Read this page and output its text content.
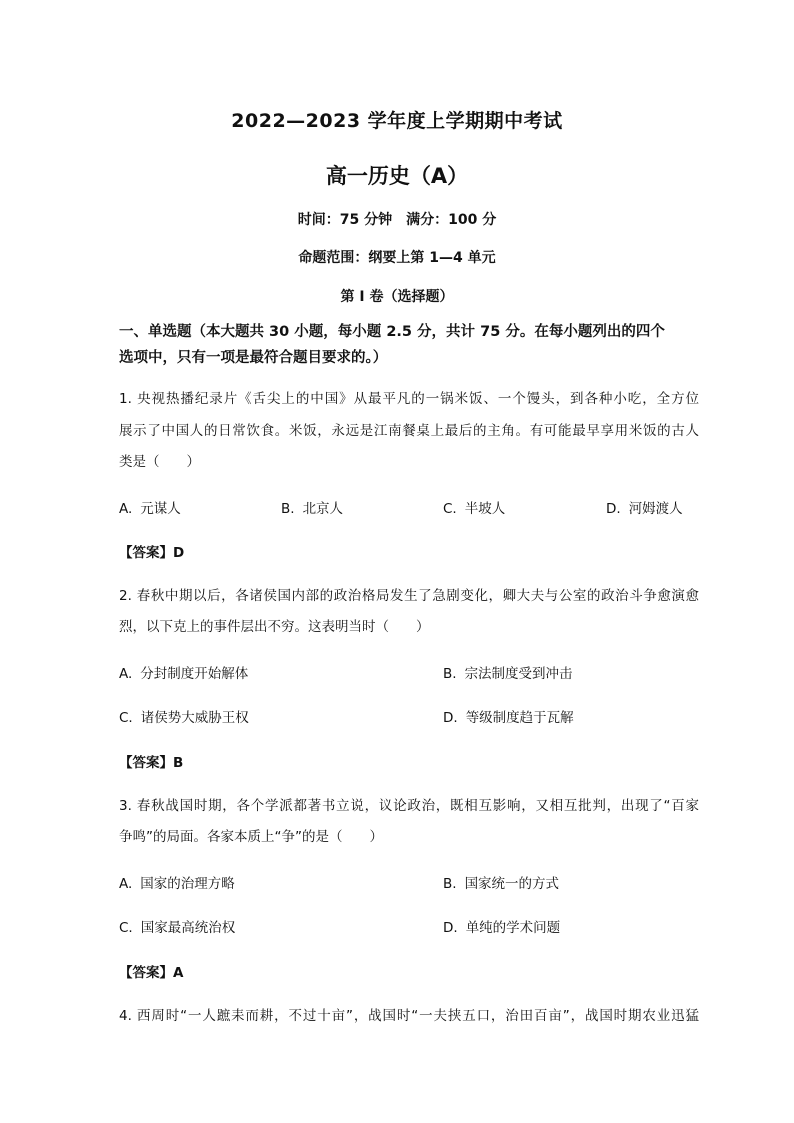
2022—2023 学年度上学期期中考试
高一历史（A）
时间：75 分钟　满分：100 分
命题范围：纲要上第 1—4 单元
第 Ⅰ 卷（选择题）
一、单选题（本大题共 30 小题，每小题 2.5 分，共计 75 分。在每小题列出的四个
选项中，只有一项是最符合题目要求的。）
1. 央视热播纪录片《舌尖上的中国》从最平凡的一锅米饭、一个馒头，到各种小吃，全方位
展示了中国人的日常饮食。米饭，永远是江南餐桌上最后的主角。有可能最早享用米饭的古人
类是（　　）
A. 元谋人	B. 北京人	C. 半坡人	D. 河姆渡人
【答案】D
2. 春秋中期以后，各诸侯国内部的政治格局发生了急剧变化，卿大夫与公室的政治斗争愈演愈
烈，以下克上的事件层出不穷。这表明当时（　　）
A. 分封制度开始解体	B. 宗法制度受到冲击
C. 诸侯势大威胁王权	D. 等级制度趋于瓦解
【答案】B
3. 春秋战国时期，各个学派都著书立说，议论政治，既相互影响，又相互批判，出现了“百家
争鸣”的局面。各家本质上“争”的是（　　）
A. 国家的治理方略	B. 国家统一的方式
C. 国家最高统治权	D. 单纯的学术问题
【答案】A
4. 西周时“一人蹠耒而耕，不过十亩”，战国时“一夫挟五口，治田百亩”，战国时期农业迅猛
